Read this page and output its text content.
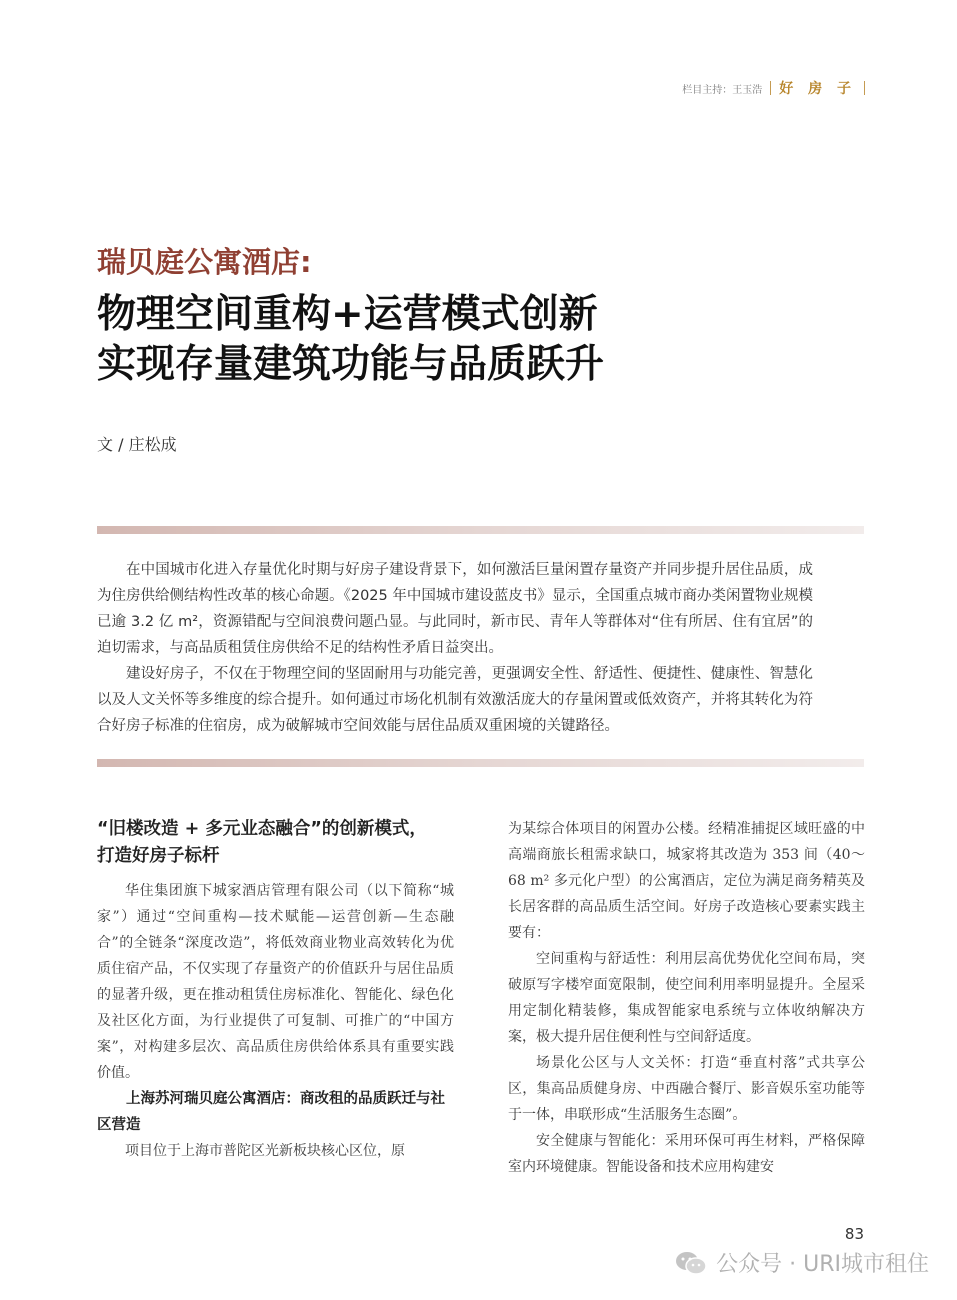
栏目主持：王玉浩 好 房 子
瑞贝庭公寓酒店:
物理空间重构+运营模式创新
实现存量建筑功能与品质跃升
文 / 庄松成

在中国城市化进入存量优化时期与好房子建设背景下，如何激活巨量闲置存量资产并同步提升居住品质，成为住房供给侧结构性改革的核心命题。《2025 年中国城市建设蓝皮书》显示，全国重点城市商办类闲置物业规模已逾 3.2 亿 m²，资源错配与空间浪费问题凸显。与此同时，新市民、青年人等群体对“住有所居、住有宜居”的迫切需求，与高品质租赁住房供给不足的结构性矛盾日益突出。

建设好房子，不仅在于物理空间的坚固耐用与功能完善，更强调安全性、舒适性、便捷性、健康性、智慧化以及人文关怀等多维度的综合提升。如何通过市场化机制有效激活庞大的存量闲置或低效资产，并将其转化为符合好房子标准的住宿房，成为破解城市空间效能与居住品质双重困境的关键路径。

“旧楼改造 + 多元业态融合”的创新模式，
打造好房子标杆

华住集团旗下城家酒店管理有限公司（以下简称“城家”）通过“空间重构—技术赋能—运营创新—生态融合”的全链条“深度改造”，将低效商业物业高效转化为优质住宿产品，不仅实现了存量资产的价值跃升与居住品质的显著升级，更在推动租赁住房标准化、智能化、绿色化及社区化方面，为行业提供了可复制、可推广的“中国方案”，对构建多层次、高品质住房供给体系具有重要实践价值。

上海苏河瑞贝庭公寓酒店：商改租的品质跃迁与社区营造

项目位于上海市普陀区光新板块核心区位，原

为某综合体项目的闲置办公楼。经精准捕捉区域旺盛的中高端商旅长租需求缺口，城家将其改造为 353 间（40～68 m² 多元化户型）的公寓酒店，定位为满足商务精英及长居客群的高品质生活空间。好房子改造核心要素实践主要有：

空间重构与舒适性：利用层高优势优化空间布局，突破原写字楼窄面宽限制，使空间利用率明显提升。全屋采用定制化精装修，集成智能家电系统与立体收纳解决方案，极大提升居住便利性与空间舒适度。

场景化公区与人文关怀：打造“垂直村落”式共享公区，集高品质健身房、中西融合餐厅、影音娱乐室功能等于一体，串联形成“生活服务生态圈”。

安全健康与智能化：采用环保可再生材料，严格保障室内环境健康。智能设备和技术应用构建安

83
公众号 · URI城市租住
